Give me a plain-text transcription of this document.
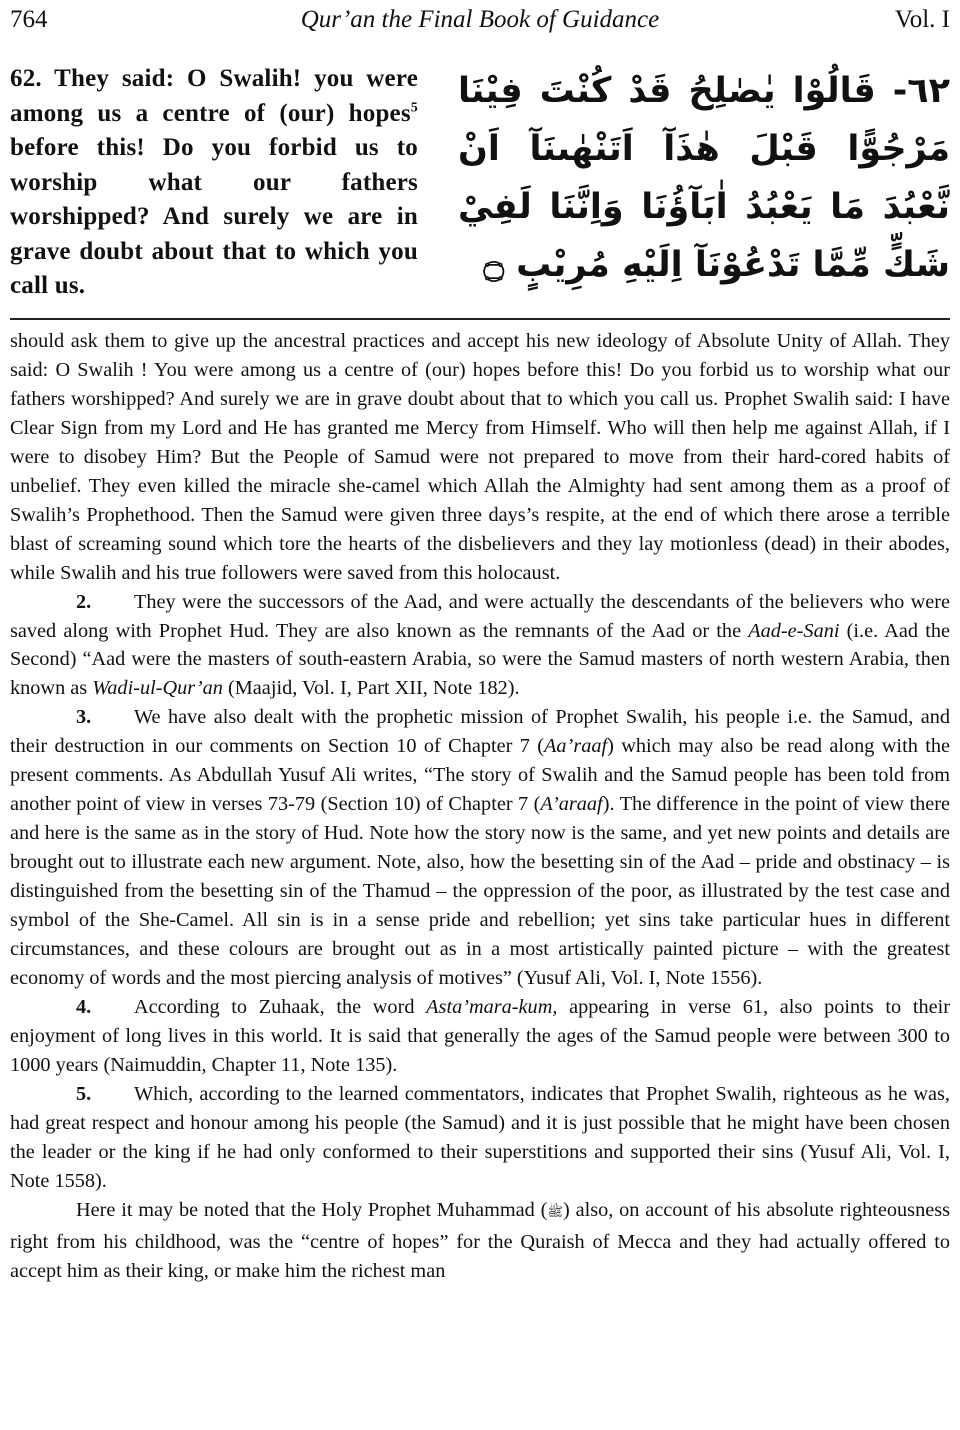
764	Qur’an the Final Book of Guidance	Vol. I
62. They said: O Swalih! you were among us a centre of (our) hopes$^5$ before this! Do you forbid us to worship what our fathers worshipped? And surely we are in grave doubt about that to which you call us.
٦٢- قَالُوْا يٰصٰلِحُ قَدْ كُنْتَ فِيْنَا مَرْجُوًّا قَبْلَ هٰذَآ اَتَنْهٰىنَآ اَنْ نَّعْبُدَ مَا يَعْبُدُ اٰبَآؤُنَا وَاِنَّنَا لَفِيْ شَكٍّ مِّمَّا تَدْعُوْنَآ اِلَيْهِ مُرِيْبٍ ۝

should ask them to give up the ancestral practices and accept his new ideology of Absolute Unity of Allah. They said: O Swalih ! You were among us a centre of (our) hopes before this! Do you forbid us to worship what our fathers worshipped? And surely we are in grave doubt about that to which you call us. Prophet Swalih said: I have Clear Sign from my Lord and He has granted me Mercy from Himself. Who will then help me against Allah, if I were to disobey Him? But the People of Samud were not prepared to move from their hard-cored habits of unbelief. They even killed the miracle she-camel which Allah the Almighty had sent among them as a proof of Swalih’s Prophethood. Then the Samud were given three days’s respite, at the end of which there arose a terrible blast of screaming sound which tore the hearts of the disbelievers and they lay motionless (dead) in their abodes, while Swalih and his true followers were saved from this holocaust.

2. They were the successors of the Aad, and were actually the descendants of the believers who were saved along with Prophet Hud. They are also known as the remnants of the Aad or the Aad-e-Sani (i.e. Aad the Second) “Aad were the masters of south-eastern Arabia, so were the Samud masters of north western Arabia, then known as Wadi-ul-Qur’an (Maajid, Vol. I, Part XII, Note 182).

3. We have also dealt with the prophetic mission of Prophet Swalih, his people i.e. the Samud, and their destruction in our comments on Section 10 of Chapter 7 (Aa’raaf) which may also be read along with the present comments. As Abdullah Yusuf Ali writes, “The story of Swalih and the Samud people has been told from another point of view in verses 73-79 (Section 10) of Chapter 7 (A’araaf). The difference in the point of view there and here is the same as in the story of Hud. Note how the story now is the same, and yet new points and details are brought out to illustrate each new argument. Note, also, how the besetting sin of the Aad – pride and obstinacy – is distinguished from the besetting sin of the Thamud – the oppression of the poor, as illustrated by the test case and symbol of the She-Camel. All sin is in a sense pride and rebellion; yet sins take particular hues in different circumstances, and these colours are brought out as in a most artistically painted picture – with the greatest economy of words and the most piercing analysis of motives” (Yusuf Ali, Vol. I, Note 1556).

4. According to Zuhaak, the word Asta’mara-kum, appearing in verse 61, also points to their enjoyment of long lives in this world. It is said that generally the ages of the Samud people were between 300 to 1000 years (Naimuddin, Chapter 11, Note 135).

5. Which, according to the learned commentators, indicates that Prophet Swalih, righteous as he was, had great respect and honour among his people (the Samud) and it is just possible that he might have been chosen the leader or the king if he had only conformed to their superstitions and supported their sins (Yusuf Ali, Vol. I, Note 1558).

Here it may be noted that the Holy Prophet Muhammad (ﷺ) also, on account of his absolute righteousness right from his childhood, was the “centre of hopes” for the Quraish of Mecca and they had actually offered to accept him as their king, or make him the richest man
